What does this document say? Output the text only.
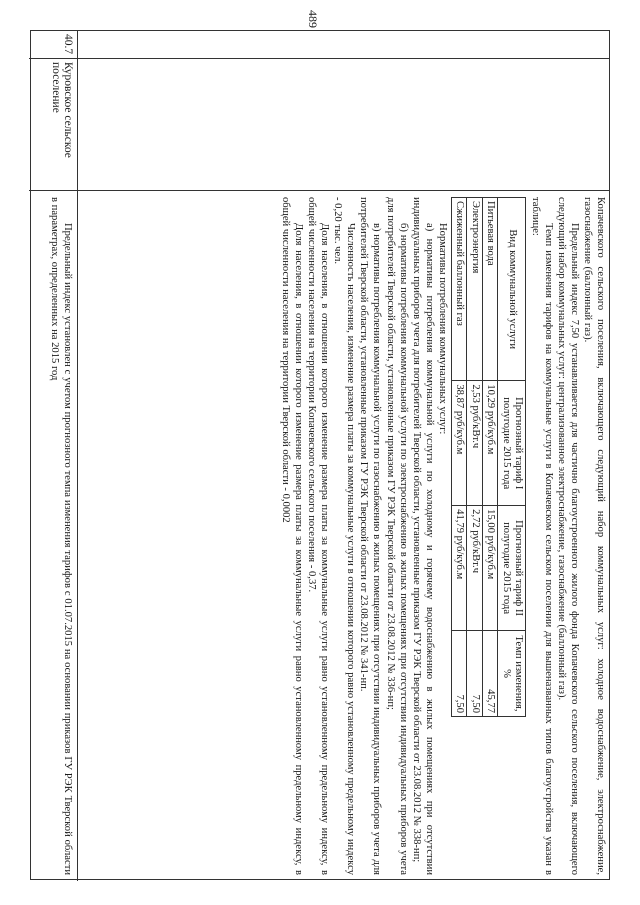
489

Копачевского сельского поселения, включающего следующий набор коммунальных услуг: холодное водоснабжение, электроснабжение, газоснабжение (баллонный газ).

Предельный индекс 7,50 устанавливается для частично благоустроенного жилого фонда Копачевского сельского поселения, включающего следующий набор коммунальных услуг: централизованное электроснабжение, газоснабжение (баллонный газ).

Темп изменения тарифов на коммунальные услуги в Копачевском сельском поселении для вышеназванных типов благоустройства указан в таблице:

Вид коммунальной услуги	Прогнозный тариф I полугодие 2015 года	Прогнозный тариф II полугодие 2015 года	Темп изменения, %
Питьевая вода	10,29 руб/куб.м	15,00 руб/куб.м	45,77
Электроэнергия	2,53 руб/кВт.ч	2,72 руб/кВт.ч	7,50
Сжиженный баллонный газ	38,87 руб/куб.м	41,79 руб/куб.м	7,50

Нормативы потребления коммунальных услуг:

а) нормативы потребления коммунальной услуги по холодному и горячему водоснабжению в жилых помещениях при отсутствии индивидуальных приборов учета для потребителей Тверской области, установленные приказом ГУ РЭК Тверской области от 23.08.2012 № 338-нп;

б) нормативы потребления коммунальной услуги по электроснабжению в жилых помещениях при отсутствии индивидуальных приборов учета для потребителей Тверской области, установленные приказом ГУ РЭК Тверской области от 23.08.2012 № 336-нп;

в) нормативы потребления коммунальной услуги по газоснабжению в жилых помещениях при отсутствии индивидуальных приборов учета для потребителей Тверской области, установленные приказом ГУ РЭК Тверской области от 23.08.2012 № 341-нп.

Численность населения, изменение размера платы за коммунальные услуги в отношении которого равно установленному предельному индексу - 0,20 тыс. чел.

Доля населения, в отношении которого изменение размера платы за коммунальные услуги равно установленному предельному индексу, в общей численности населения на территории Копачевского сельского поселения - 0,37.

Доля населения, в отношении которого изменение размера платы за коммунальные услуги равно установленному предельному индексу, в общей численности населения на территории Тверской области - 0,0002

40.7
Куровское сельское поселение
Предельный индекс установлен с учетом прогнозного темпа изменения тарифов с 01.07.2015 на основании приказов ГУ РЭК Тверской области в параметрах, определенных на 2015 год
